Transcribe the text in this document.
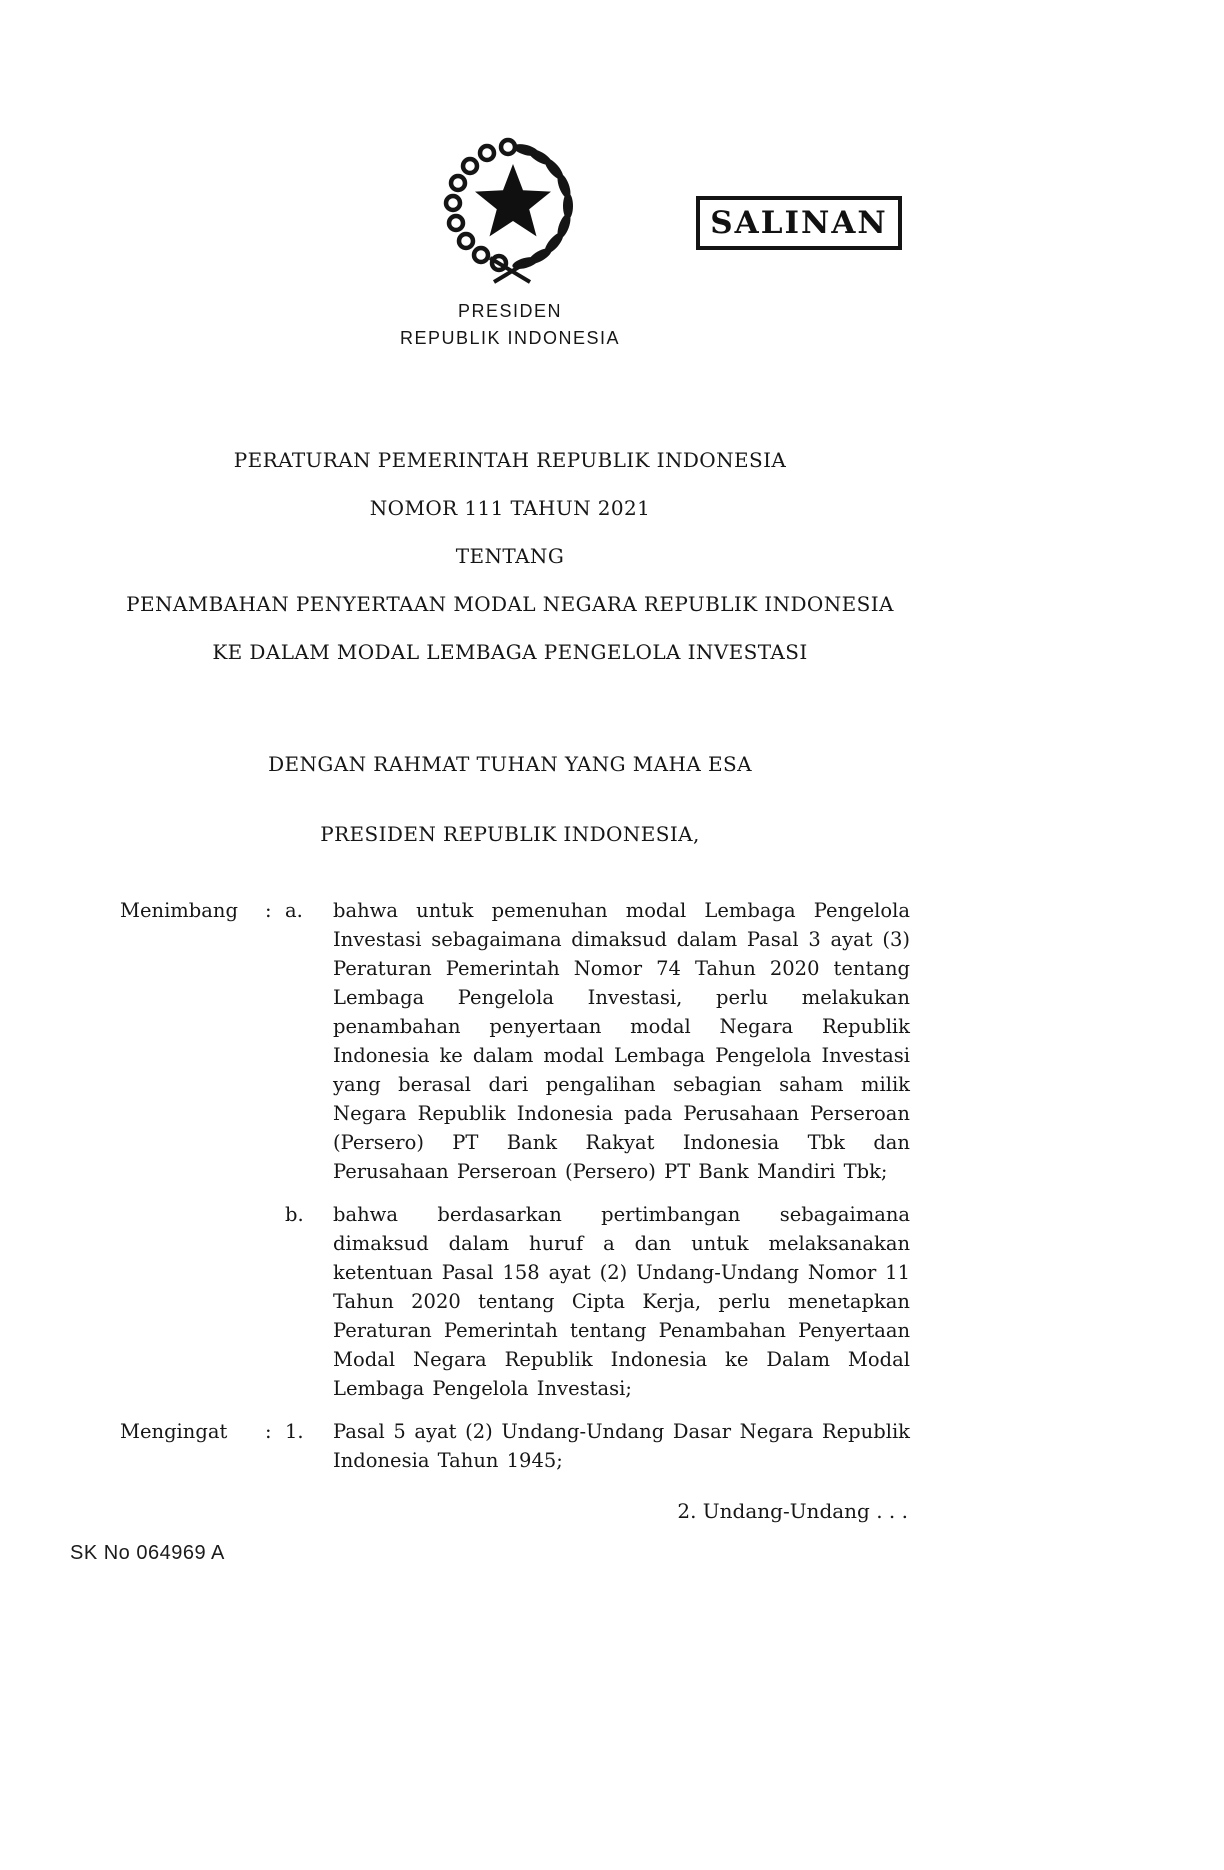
SALINAN
PRESIDEN
REPUBLIK INDONESIA

PERATURAN PEMERINTAH REPUBLIK INDONESIA

NOMOR 111 TAHUN 2021

TENTANG

PENAMBAHAN PENYERTAAN MODAL NEGARA REPUBLIK INDONESIA

KE DALAM MODAL LEMBAGA PENGELOLA INVESTASI

DENGAN RAHMAT TUHAN YANG MAHA ESA
PRESIDEN REPUBLIK INDONESIA,
Menimbang	: a.	bahwa untuk pemenuhan modal Lembaga Pengelola Investasi sebagaimana dimaksud dalam Pasal 3 ayat (3) Peraturan Pemerintah Nomor 74 Tahun 2020 tentang Lembaga Pengelola Investasi, perlu melakukan penambahan penyertaan modal Negara Republik Indonesia ke dalam modal Lembaga Pengelola Investasi yang berasal dari pengalihan sebagian saham milik Negara Republik Indonesia pada Perusahaan Perseroan (Persero) PT Bank Rakyat Indonesia Tbk dan Perusahaan Perseroan (Persero) PT Bank Mandiri Tbk;
b.	bahwa berdasarkan pertimbangan sebagaimana dimaksud dalam huruf a dan untuk melaksanakan ketentuan Pasal 158 ayat (2) Undang-Undang Nomor 11 Tahun 2020 tentang Cipta Kerja, perlu menetapkan Peraturan Pemerintah tentang Penambahan Penyertaan Modal Negara Republik Indonesia ke Dalam Modal Lembaga Pengelola Investasi;
Mengingat	: 1.	Pasal 5 ayat (2) Undang-Undang Dasar Negara Republik Indonesia Tahun 1945;
2. Undang-Undang . . .
SK No 064969 A
